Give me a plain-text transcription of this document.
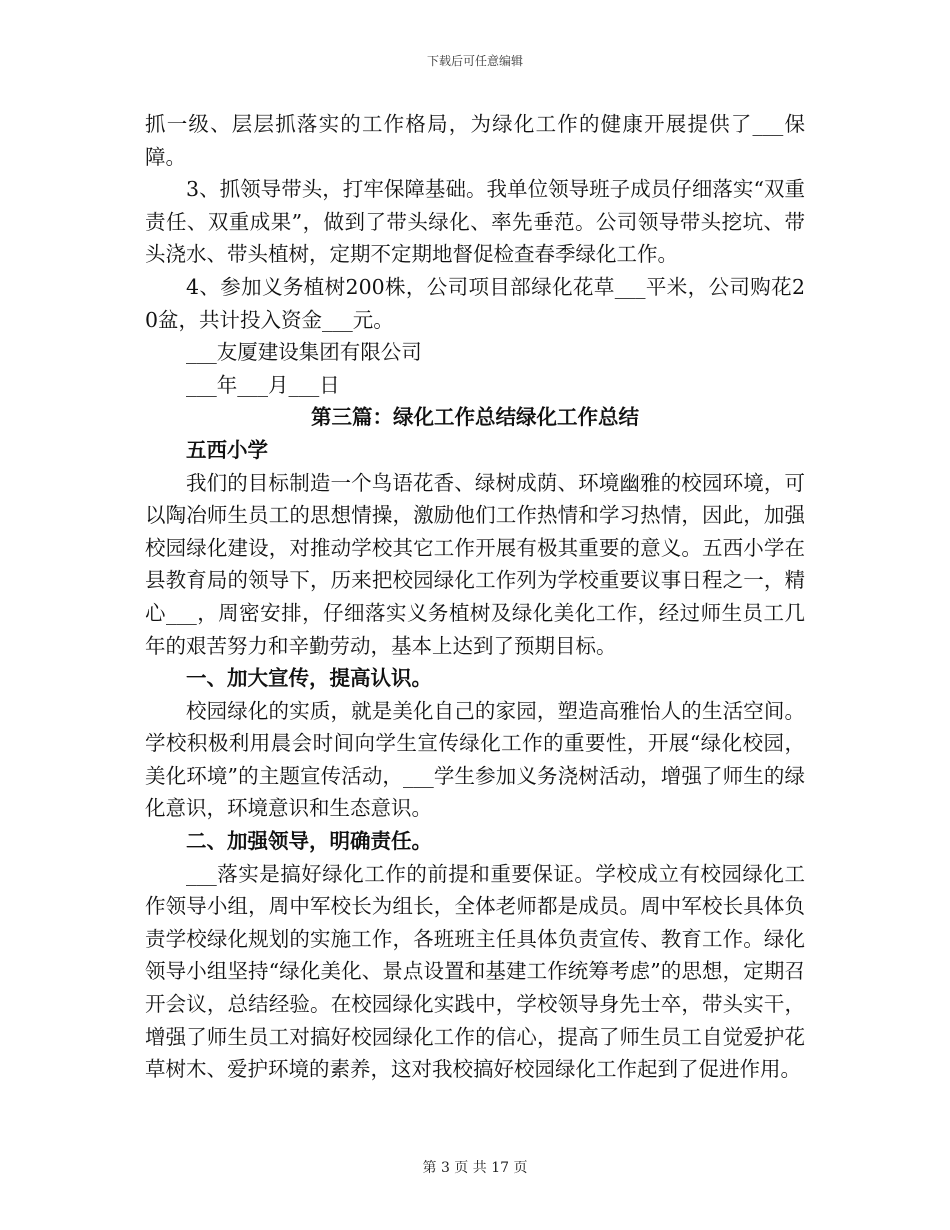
下载后可任意编辑

抓一级、层层抓落实的工作格局，为绿化工作的健康开展提供了___保障。

3、抓领导带头，打牢保障基础。我单位领导班子成员仔细落实“双重责任、双重成果”，做到了带头绿化、率先垂范。公司领导带头挖坑、带头浇水、带头植树，定期不定期地督促检查春季绿化工作。

4、参加义务植树200株，公司项目部绿化花草___平米，公司购花20盆，共计投入资金___元。

___友厦建设集团有限公司

___年___月___日

第三篇：绿化工作总结绿化工作总结

五西小学

我们的目标制造一个鸟语花香、绿树成荫、环境幽雅的校园环境，可以陶冶师生员工的思想情操，激励他们工作热情和学习热情，因此，加强校园绿化建设，对推动学校其它工作开展有极其重要的意义。五西小学在县教育局的领导下，历来把校园绿化工作列为学校重要议事日程之一，精心___，周密安排，仔细落实义务植树及绿化美化工作，经过师生员工几年的艰苦努力和辛勤劳动，基本上达到了预期目标。

一、加大宣传，提高认识。

校园绿化的实质，就是美化自己的家园，塑造高雅怡人的生活空间。学校积极利用晨会时间向学生宣传绿化工作的重要性，开展“绿化校园，美化环境”的主题宣传活动，___学生参加义务浇树活动，增强了师生的绿化意识，环境意识和生态意识。

二、加强领导，明确责任。

___落实是搞好绿化工作的前提和重要保证。学校成立有校园绿化工作领导小组，周中军校长为组长，全体老师都是成员。周中军校长具体负责学校绿化规划的实施工作，各班班主任具体负责宣传、教育工作。绿化领导小组坚持“绿化美化、景点设置和基建工作统筹考虑”的思想，定期召开会议，总结经验。在校园绿化实践中，学校领导身先士卒，带头实干，增强了师生员工对搞好校园绿化工作的信心，提高了师生员工自觉爱护花草树木、爱护环境的素养，这对我校搞好校园绿化工作起到了促进作用。

第 3 页 共 17 页
